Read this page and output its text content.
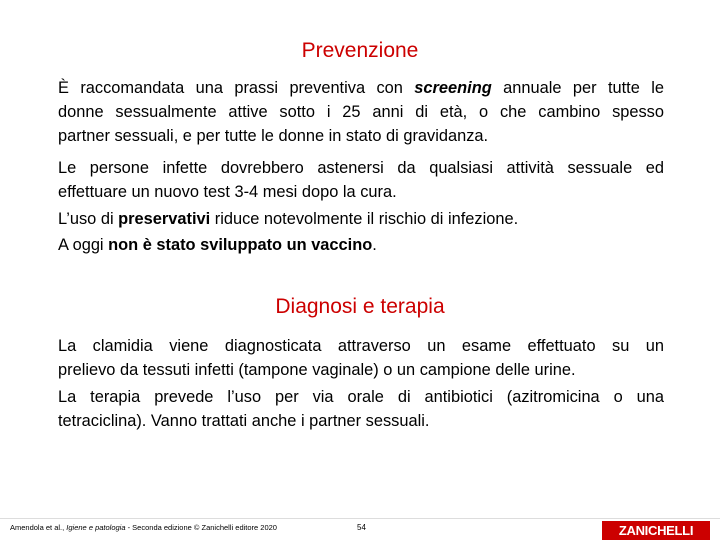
Prevenzione
È raccomandata una prassi preventiva con screening annuale per tutte le
donne sessualmente attive sotto i 25 anni di età, o che cambino spesso
partner sessuali, e per tutte le donne in stato di gravidanza.
Le persone infette dovrebbero astenersi da qualsiasi attività sessuale ed
effettuare un nuovo test 3-4 mesi dopo la cura.
L’uso di preservativi riduce notevolmente il rischio di infezione.
A oggi non è stato sviluppato un vaccino.
Diagnosi e terapia
La clamidia viene diagnosticata attraverso un esame effettuato su un
prelievo da tessuti infetti (tampone vaginale) o un campione delle urine.
La terapia prevede l’uso per via orale di antibiotici (azitromicina o una
tetraciclina). Vanno trattati anche i partner sessuali.
Amendola et al., Igiene e patologia - Seconda edizione © Zanichelli editore 2020	54	ZANICHELLI
